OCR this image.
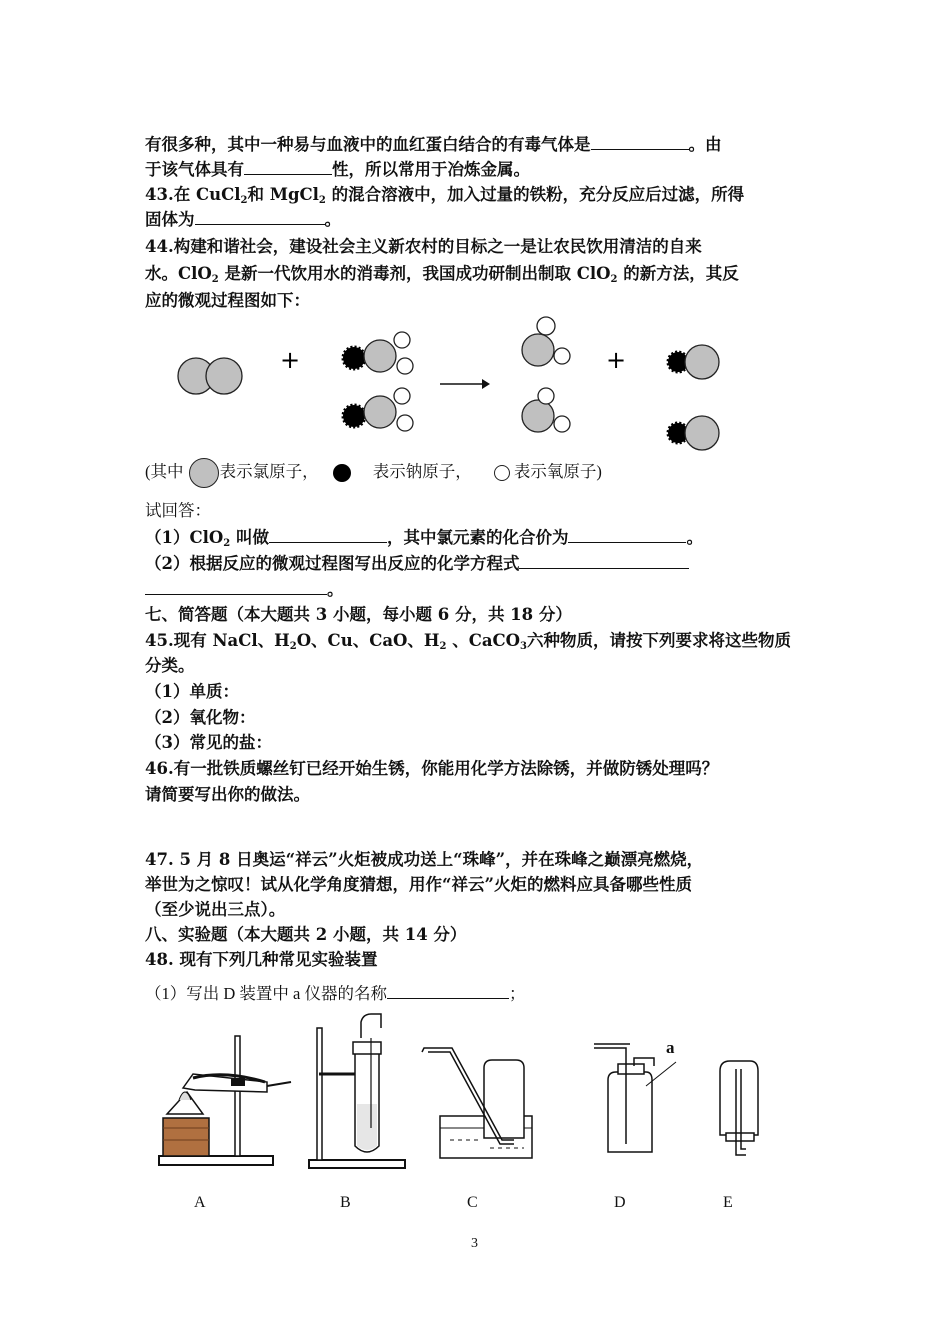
有很多种，其中一种易与血液中的血红蛋白结合的有毒气体是	。由
于该气体具有	性，所以常用于冶炼金属。
43.在 CuCl$_2$和 MgCl$_2$ 的混合溶液中，加入过量的铁粉，充分反应后过滤，所得
固体为	。
44.构建和谐社会，建设社会主义新农村的目标之一是让农民饮用清洁的自来
水。ClO$_2$ 是新一代饮用水的消毒剂，我国成功研制出制取 ClO$_2$ 的新方法，其反
应的微观过程图如下：
+	+
(其中 表示氯原子，	表示钠原子，	表示氧原子)
试回答：
（1）ClO$_2$ 叫做	，其中氯元素的化合价为	。
（2）根据反应的微观过程图写出反应的化学方程式
。
七、简答题（本大题共 3 小题，每小题 6 分，共 18 分）
45.现有 NaCl、$H_2O$、Cu、CaO、$H_2$ 、CaCO$_3$六种物质，请按下列要求将这些物质
分类。
（1）单质：
（2）氧化物：
（3）常见的盐：
46.有一批铁质螺丝钉已经开始生锈，你能用化学方法除锈，并做防锈处理吗？
请简要写出你的做法。
47. 5 月 8 日奥运“祥云”火炬被成功送上“珠峰”，并在珠峰之巅漂亮燃烧，
举世为之惊叹！试从化学角度猜想，用作“祥云”火炬的燃料应具备哪些性质
（至少说出三点）。
八、实验题（本大题共 2 小题，共 14 分）
48. 现有下列几种常见实验装置
（1）写出 D 装置中 a 仪器的名称	；
a
A	B	C	D	E
3
